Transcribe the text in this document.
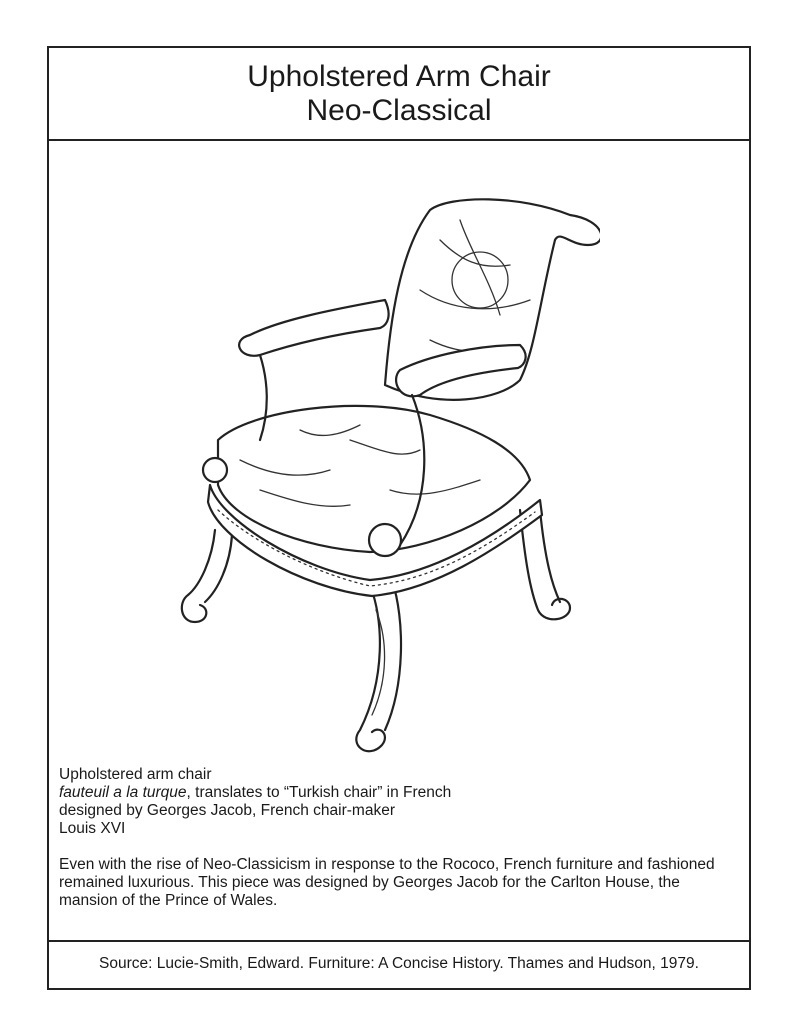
Upholstered Arm Chair
Neo-Classical
Upholstered arm chair
fauteuil a la turque, translates to “Turkish chair” in French
designed by Georges Jacob, French chair-maker
Louis XVI
Even with the rise of Neo-Classicism in response to the Rococo, French furniture and fashioned remained luxurious. This piece was designed by Georges Jacob for the Carlton House, the mansion of the Prince of Wales.
Source: Lucie-Smith, Edward. Furniture: A Concise History. Thames and Hudson, 1979.
